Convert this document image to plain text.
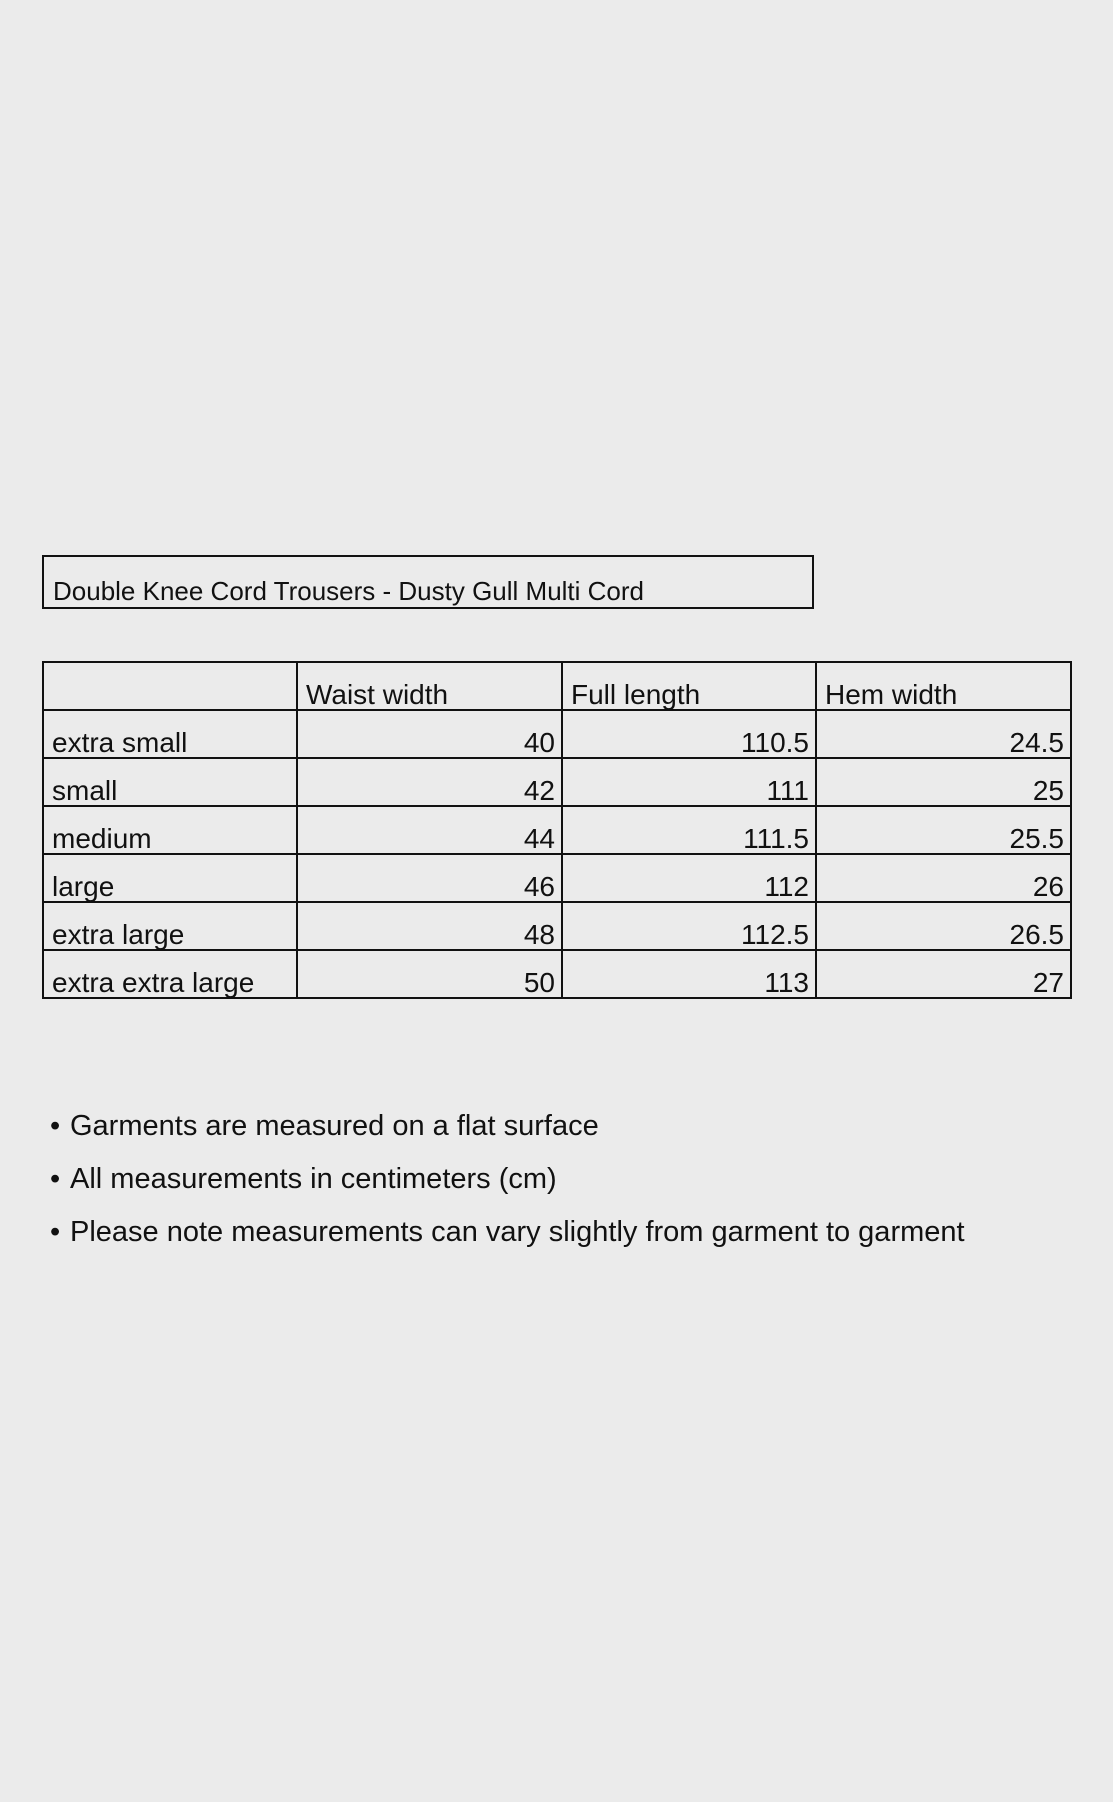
Double Knee Cord Trousers - Dusty Gull Multi Cord
	Waist width	Full length	Hem width
extra small	40	110.5	24.5
small	42	111	25
medium	44	111.5	25.5
large	46	112	26
extra large	48	112.5	26.5
extra extra large	50	113	27
• Garments are measured on a flat surface
• All measurements in centimeters (cm)
• Please note measurements can vary slightly from garment to garment
